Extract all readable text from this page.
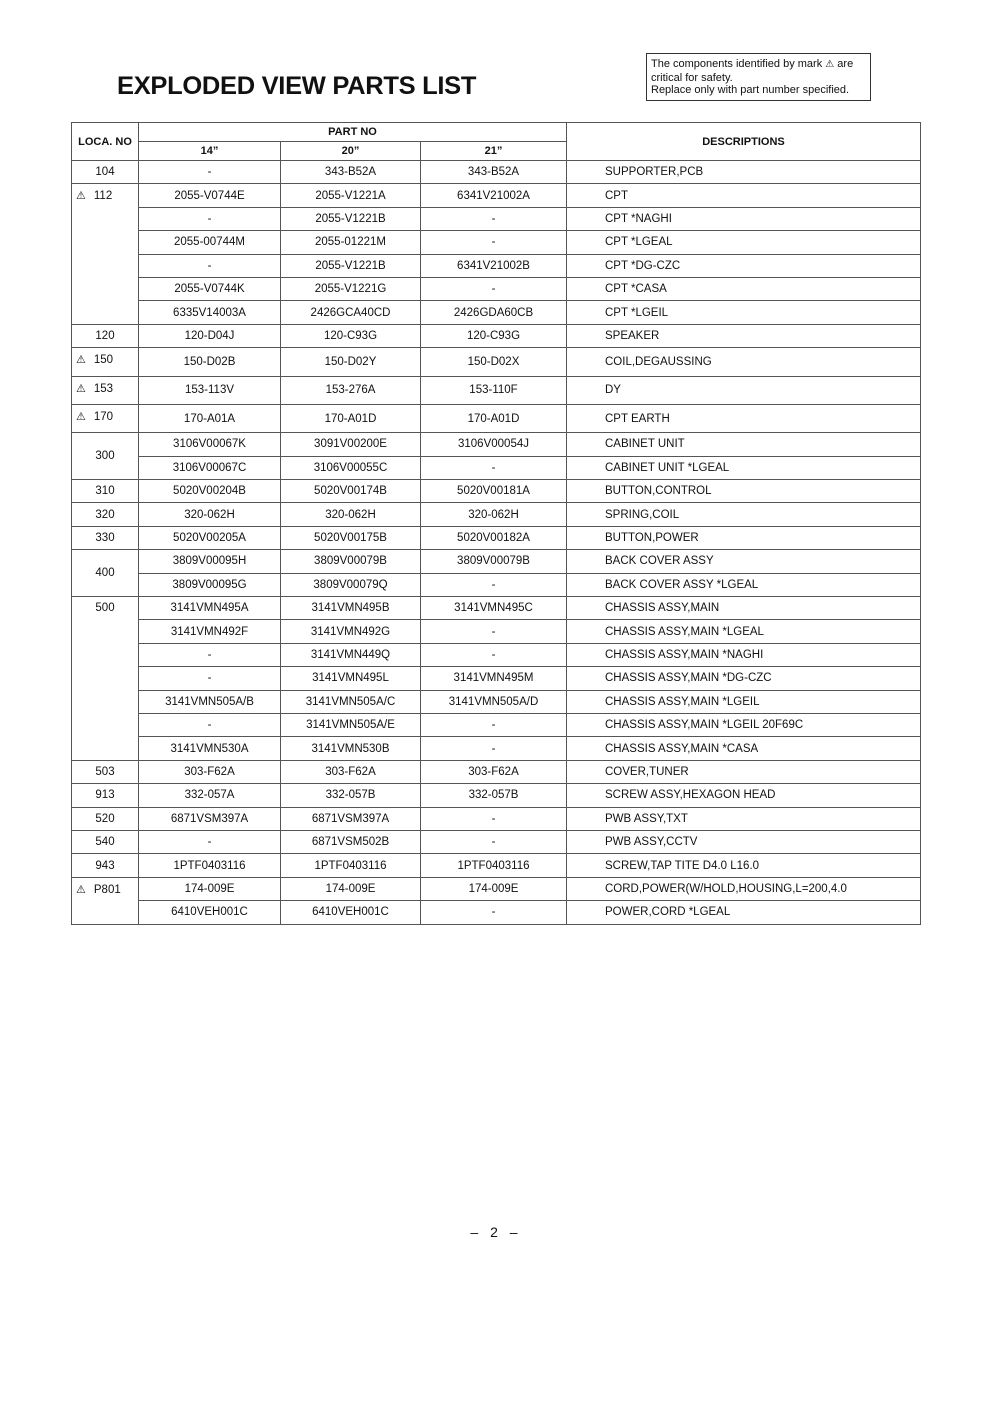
EXPLODED VIEW PARTS LIST
The components identified by mark ⚠ are
critical for safety.
Replace only with part number specified.
LOCA. NO	PART NO			DESCRIPTIONS
	14”	20”	21”	
104	-	343-B52A	343-B52A	SUPPORTER,PCB
⚠ 112	2055-V0744E	2055-V1221A	6341V21002A	CPT
	-	2055-V1221B	-	CPT *NAGHI
	2055-00744M	2055-01221M	-	CPT *LGEAL
	-	2055-V1221B	6341V21002B	CPT *DG-CZC
	2055-V0744K	2055-V1221G	-	CPT *CASA
	6335V14003A	2426GCA40CD	2426GDA60CB	CPT *LGEIL
120	120-D04J	120-C93G	120-C93G	SPEAKER
⚠ 150	150-D02B	150-D02Y	150-D02X	COIL,DEGAUSSING
⚠ 153	153-113V	153-276A	153-110F	DY
⚠ 170	170-A01A	170-A01D	170-A01D	CPT EARTH
300	3106V00067K	3091V00200E	3106V00054J	CABINET UNIT
	3106V00067C	3106V00055C	-	CABINET UNIT *LGEAL
310	5020V00204B	5020V00174B	5020V00181A	BUTTON,CONTROL
320	320-062H	320-062H	320-062H	SPRING,COIL
330	5020V00205A	5020V00175B	5020V00182A	BUTTON,POWER
400	3809V00095H	3809V00079B	3809V00079B	BACK COVER ASSY
	3809V00095G	3809V00079Q	-	BACK COVER ASSY *LGEAL
500	3141VMN495A	3141VMN495B	3141VMN495C	CHASSIS ASSY,MAIN
	3141VMN492F	3141VMN492G	-	CHASSIS ASSY,MAIN *LGEAL
	-	3141VMN449Q	-	CHASSIS ASSY,MAIN *NAGHI
	-	3141VMN495L	3141VMN495M	CHASSIS ASSY,MAIN *DG-CZC
	3141VMN505A/B	3141VMN505A/C	3141VMN505A/D	CHASSIS ASSY,MAIN *LGEIL
	-	3141VMN505A/E	-	CHASSIS ASSY,MAIN *LGEIL 20F69C
	3141VMN530A	3141VMN530B	-	CHASSIS ASSY,MAIN *CASA
503	303-F62A	303-F62A	303-F62A	COVER,TUNER
913	332-057A	332-057B	332-057B	SCREW ASSY,HEXAGON HEAD
520	6871VSM397A	6871VSM397A	-	PWB ASSY,TXT
540	-	6871VSM502B	-	PWB ASSY,CCTV
943	1PTF0403116	1PTF0403116	1PTF0403116	SCREW,TAP TITE D4.0 L16.0
⚠ P801	174-009E	174-009E	174-009E	CORD,POWER(W/HOLD,HOUSING,L=200,4.0
	6410VEH001C	6410VEH001C	-	POWER,CORD *LGEAL
– 2 –
